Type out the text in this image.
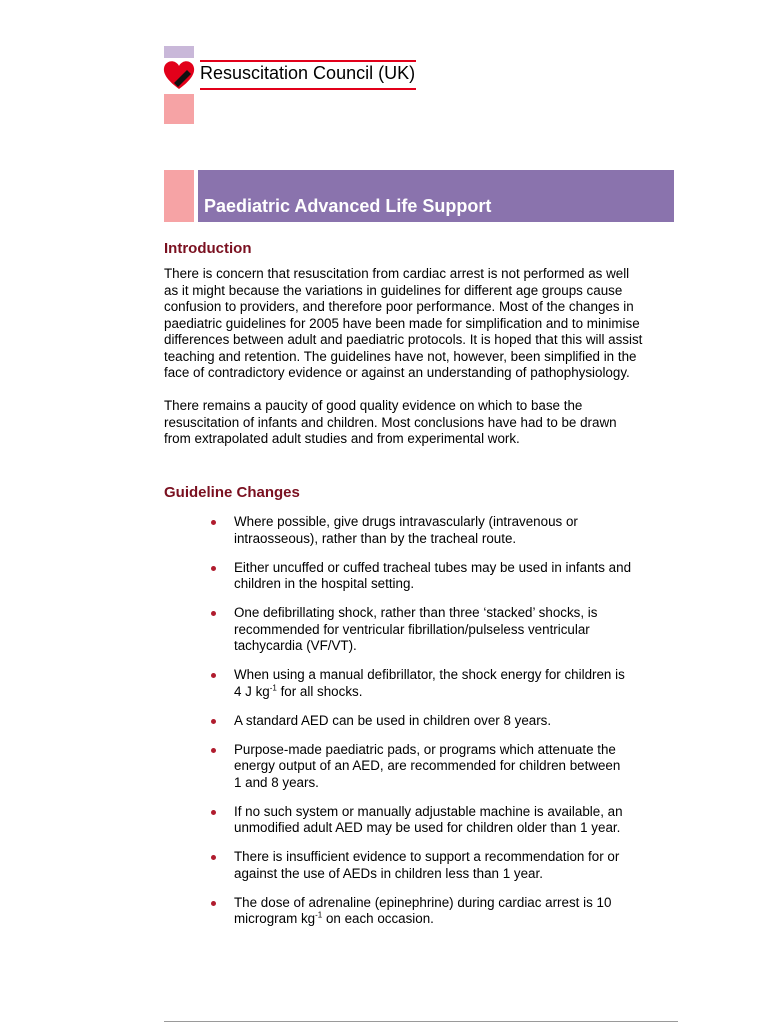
Resuscitation Council (UK)
Paediatric Advanced Life Support
Introduction

There is concern that resuscitation from cardiac arrest is not performed as well

as it might because the variations in guidelines for different age groups cause

confusion to providers, and therefore poor performance. Most of the changes in

paediatric guidelines for 2005 have been made for simplification and to minimise

differences between adult and paediatric protocols. It is hoped that this will assist

teaching and retention. The guidelines have not, however, been simplified in the

face of contradictory evidence or against an understanding of pathophysiology.

There remains a paucity of good quality evidence on which to base the

resuscitation of infants and children. Most conclusions have had to be drawn

from extrapolated adult studies and from experimental work.

Guideline Changes
Where possible, give drugs intravascularly (intravenous or
intraosseous), rather than by the tracheal route.
Either uncuffed or cuffed tracheal tubes may be used in infants and
children in the hospital setting.
One defibrillating shock, rather than three ‘stacked’ shocks, is
recommended for ventricular fibrillation/pulseless ventricular
tachycardia (VF/VT).
When using a manual defibrillator, the shock energy for children is
4 J $kg^{-1}$ for all shocks.
A standard AED can be used in children over 8 years.
Purpose-made paediatric pads, or programs which attenuate the
energy output of an AED, are recommended for children between
1 and 8 years.
If no such system or manually adjustable machine is available, an
unmodified adult AED may be used for children older than 1 year.
There is insufficient evidence to support a recommendation for or
against the use of AEDs in children less than 1 year.
The dose of adrenaline (epinephrine) during cardiac arrest is 10
microgram $kg^{-1}$ on each occasion.
